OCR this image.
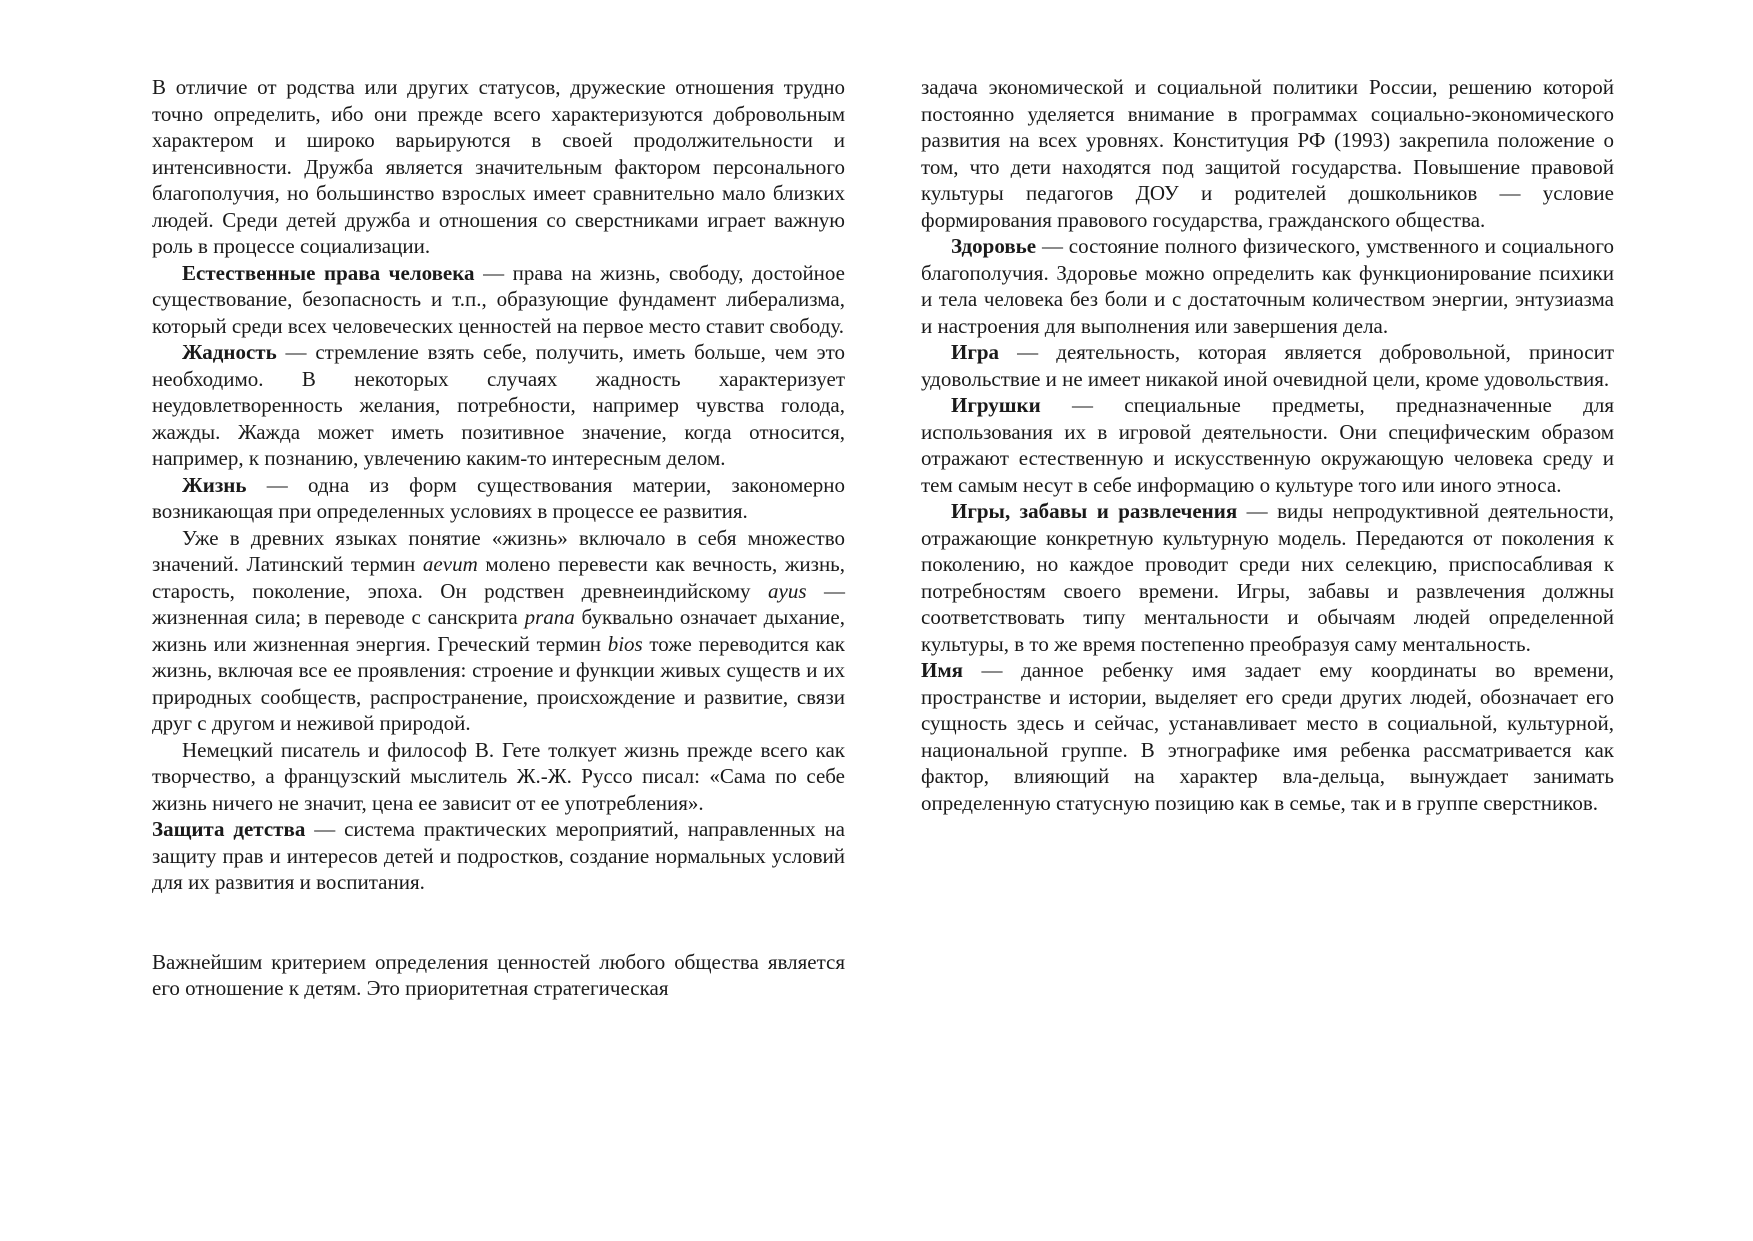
В отличие от родства или других статусов, дружеские отношения трудно точно определить, ибо они прежде всего характеризуются добровольным характером и широко варьируются в своей продолжительности и интенсивности. Дружба является значительным фактором персонального благополучия, но большинство взрослых имеет сравнительно мало близких людей. Среди детей дружба и отношения со сверстниками играет важную роль в процессе социализации.

Естественные права человека — права на жизнь, свободу, достойное существование, безопасность и т.п., образующие фундамент либерализма, который среди всех человеческих ценностей на первое место ставит свободу.

Жадность — стремление взять себе, получить, иметь больше, чем это необходимо. В некоторых случаях жадность характеризует неудовлетворенность желания, потребности, например чувства голода, жажды. Жажда может иметь позитивное значение, когда относится, например, к познанию, увлечению каким-то интересным делом.

Жизнь — одна из форм существования материи, закономерно возникающая при определенных условиях в процессе ее развития.

Уже в древних языках понятие «жизнь» включало в себя множество значений. Латинский термин aevum молено перевести как вечность, жизнь, старость, поколение, эпоха. Он родствен древнеиндийскому ayus — жизненная сила; в переводе с санскрита prana буквально означает дыхание, жизнь или жизненная энергия. Греческий термин bios тоже переводится как жизнь, включая все ее проявления: строение и функции живых существ и их природных сообществ, распространение, происхождение и развитие, связи друг с другом и неживой природой.

Немецкий писатель и философ В. Гете толкует жизнь прежде всего как творчество, а французский мыслитель Ж.-Ж. Руссо писал: «Сама по себе жизнь ничего не значит, цена ее зависит от ее употребления».

Защита детства — система практических мероприятий, направленных на защиту прав и интересов детей и подростков, создание нормальных условий для их развития и воспитания.

Важнейшим критерием определения ценностей любого общества является его отношение к детям. Это приоритетная стратегическая

задача экономической и социальной политики России, решению которой постоянно уделяется внимание в программах социально-экономического развития на всех уровнях. Конституция РФ (1993) закрепила положение о том, что дети находятся под защитой государства. Повышение правовой культуры педагогов ДОУ и родителей дошкольников — условие формирования правового государства, гражданского общества.

Здоровье — состояние полного физического, умственного и социального благополучия. Здоровье можно определить как функционирование психики и тела человека без боли и с достаточным количеством энергии, энтузиазма и настроения для выполнения или завершения дела.

Игра — деятельность, которая является добровольной, приносит удовольствие и не имеет никакой иной очевидной цели, кроме удовольствия.

Игрушки — специальные предметы, предназначенные для использования их в игровой деятельности. Они специфическим образом отражают естественную и искусственную окружающую человека среду и тем самым несут в себе информацию о культуре того или иного этноса.

Игры, забавы и развлечения — виды непродуктивной деятельности, отражающие конкретную культурную модель. Передаются от поколения к поколению, но каждое проводит среди них селекцию, приспосабливая к потребностям своего времени. Игры, забавы и развлечения должны соответствовать типу ментальности и обычаям людей определенной культуры, в то же время постепенно преобразуя саму ментальность.

Имя — данное ребенку имя задает ему координаты во времени, пространстве и истории, выделяет его среди других людей, обозначает его сущность здесь и сейчас, устанавливает место в социальной, культурной, национальной группе. В этнографике имя ребенка рассматривается как фактор, влияющий на характер вла-дельца, вынуждает занимать определенную статусную позицию как в семье, так и в группе сверстников.
